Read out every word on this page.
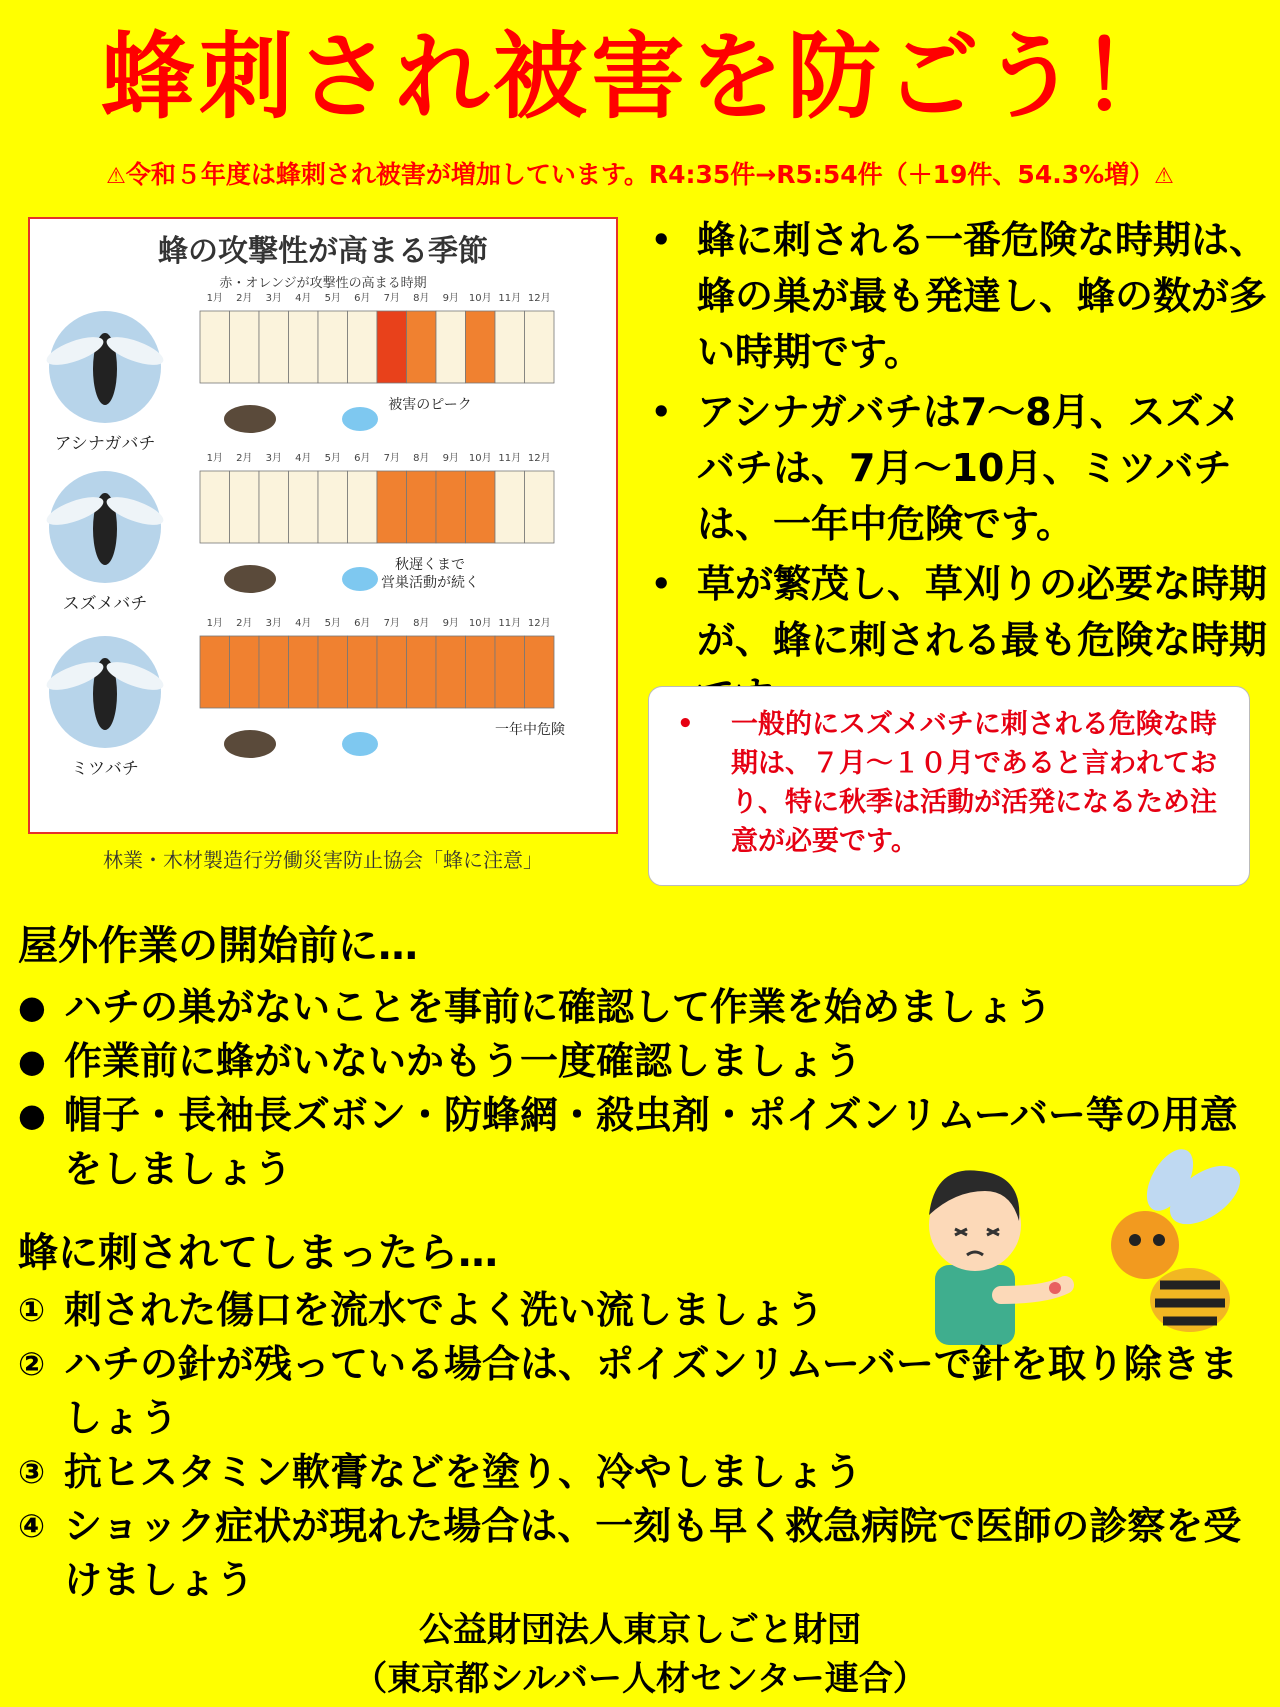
蜂刺され被害を防ごう！
⚠令和５年度は蜂刺され被害が増加しています。R4:35件→R5:54件（＋19件、54.3%増）⚠
蜂の攻撃性が高まる季節
赤・オレンジが攻撃性の高まる時期
アシナガバチ
1月 2月 3月 4月 5月 6月 7月 8月 9月 10月 11月 12月
被害のピーク
スズメバチ
1月 2月 3月 4月 5月 6月 7月 8月 9月 10月 11月 12月
秋遅くまで
営巣活動が続く
ミツバチ
1月 2月 3月 4月 5月 6月 7月 8月 9月 10月 11月 12月
一年中危険
林業・木材製造行労働災害防止協会「蜂に注意」
• 蜂に刺される一番危険な時期は、蜂の巣が最も発達し、蜂の数が多い時期です。
• アシナガバチは7～8月、スズメバチは、7月～10月、ミツバチは、一年中危険です。
• 草が繁茂し、草刈りの必要な時期が、蜂に刺される最も危険な時期
• 一般的にスズメバチに刺される危険な時期は、７月～１０月であると言われており、特に秋季は活動が活発になるため注意が必要です。
屋外作業の開始前に…
● ハチの巣がないことを事前に確認して作業を始めましょう
● 作業前に蜂がいないかもう一度確認しましょう
● 帽子・長袖長ズボン・防蜂網・殺虫剤・ポイズンリムーバー等の用意をしましょう
蜂に刺されてしまったら…
① 刺された傷口を流水でよく洗い流しましょう
② ハチの針が残っている場合は、ポイズンリムーバーで針を取り除きましょう
③ 抗ヒスタミン軟膏などを塗り、冷やしましょう
④ ショック症状が現れた場合は、一刻も早く救急病院で医師の診察を受けましょう
公益財団法人東京しごと財団
（東京都シルバー人材センター連合）
